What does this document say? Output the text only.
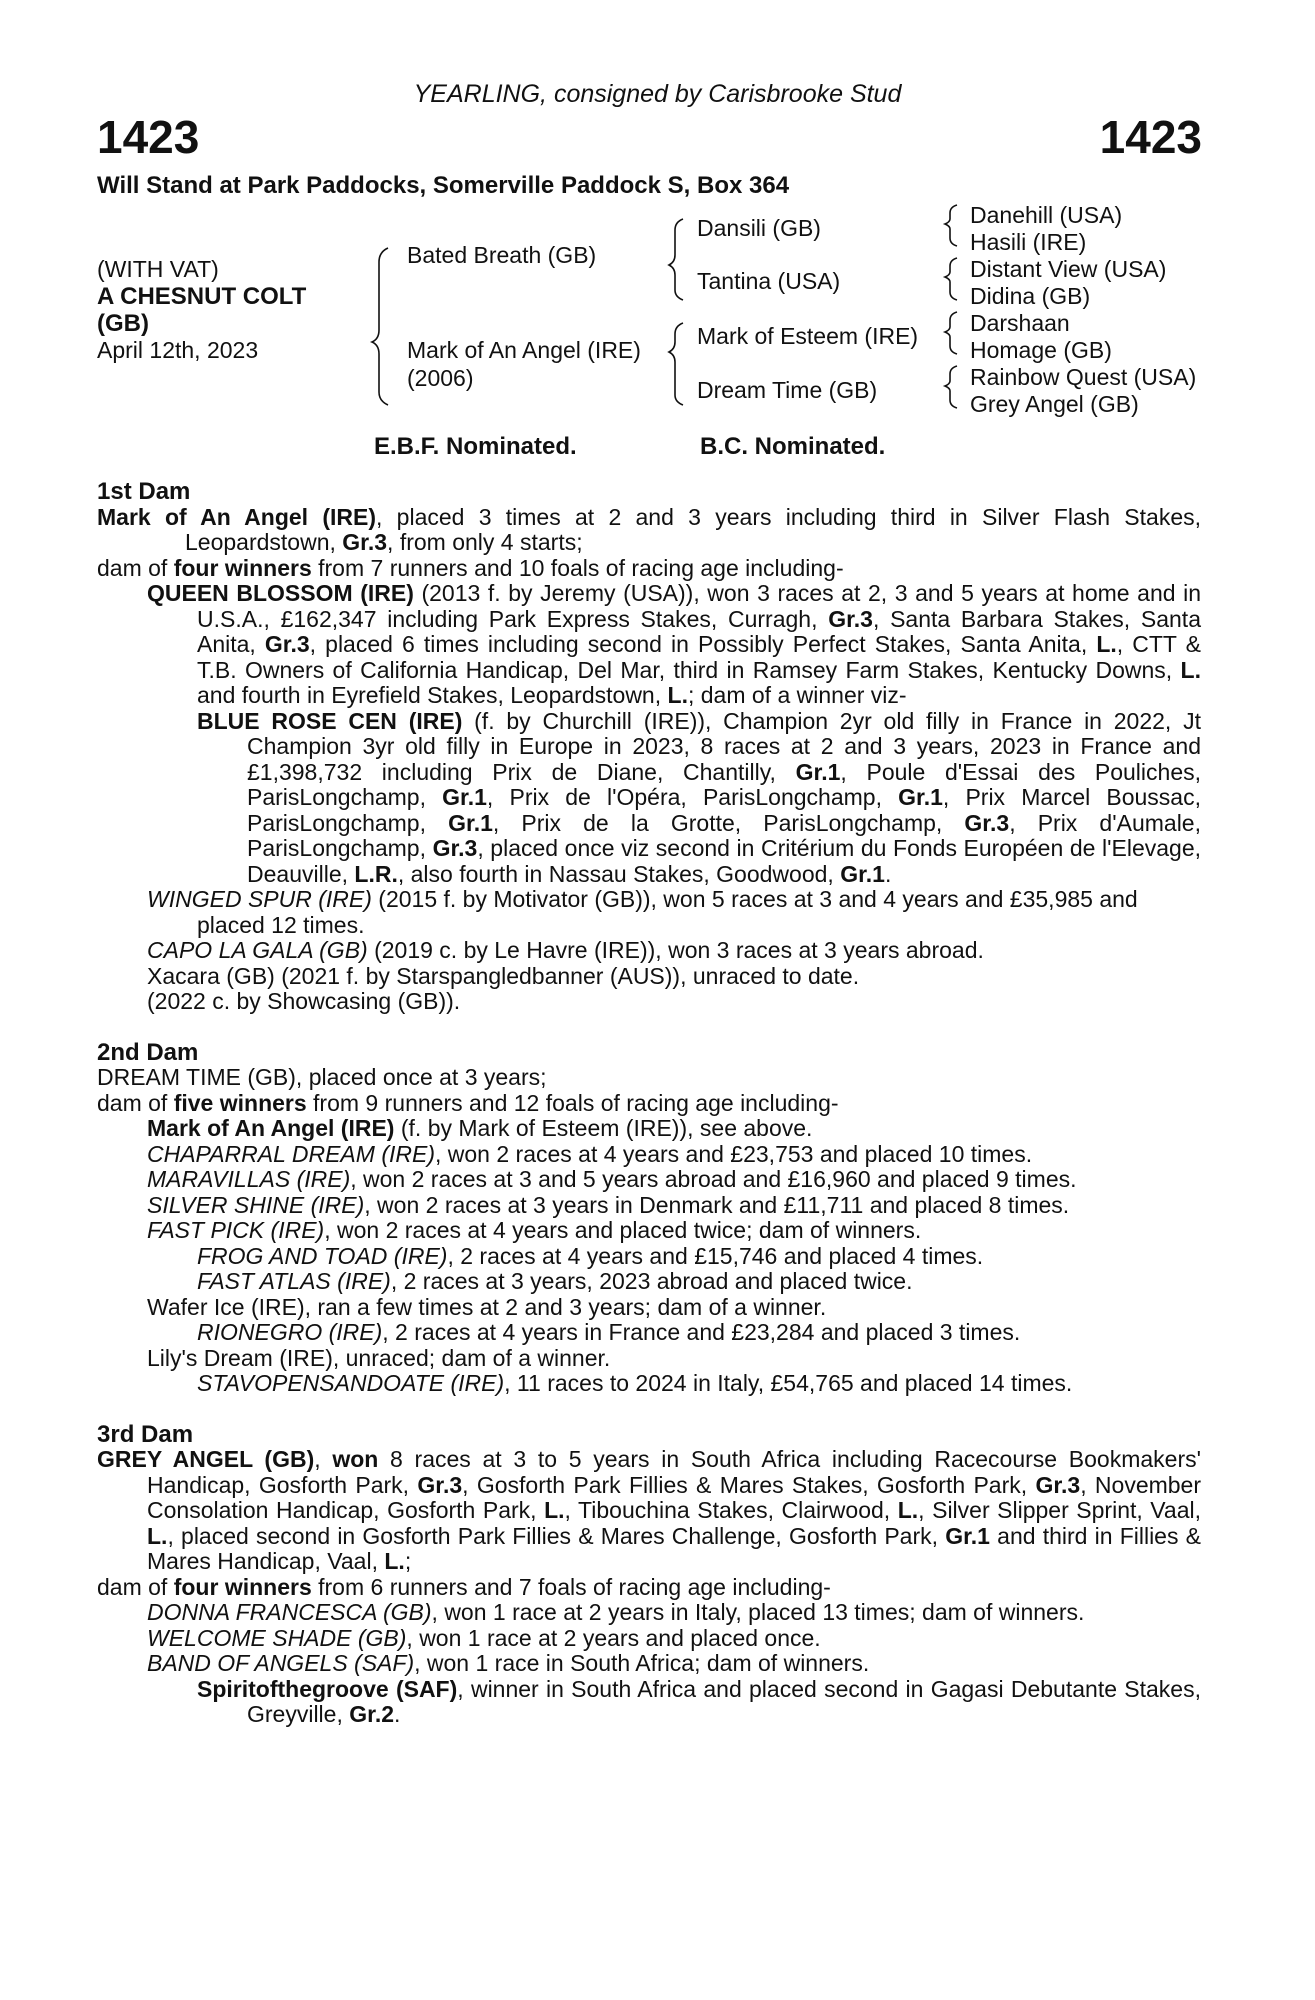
YEARLING, consigned by Carisbrooke Stud
1423	1423
Will Stand at Park Paddocks, Somerville Paddock S, Box 364
(WITH VAT)
A CHESNUT COLT
(GB)
April 12th, 2023
Bated Breath (GB)
Mark of An Angel (IRE)
(2006)
Dansili (GB)
Tantina (USA)
Mark of Esteem (IRE)
Dream Time (GB)
Danehill (USA)
Hasili (IRE)
Distant View (USA)
Didina (GB)
Darshaan
Homage (GB)
Rainbow Quest (USA)
Grey Angel (GB)
E.B.F. Nominated.	B.C. Nominated.

1st Dam

Mark of An Angel (IRE), placed 3 times at 2 and 3 years including third in Silver Flash Stakes, Leopardstown, Gr.3, from only 4 starts;

dam of four winners from 7 runners and 10 foals of racing age including-

QUEEN BLOSSOM (IRE) (2013 f. by Jeremy (USA)), won 3 races at 2, 3 and 5 years at home and in U.S.A., £162,347 including Park Express Stakes, Curragh, Gr.3, Santa Barbara Stakes, Santa Anita, Gr.3, placed 6 times including second in Possibly Perfect Stakes, Santa Anita, L., CTT & T.B. Owners of California Handicap, Del Mar, third in Ramsey Farm Stakes, Kentucky Downs, L. and fourth in Eyrefield Stakes, Leopardstown, L.; dam of a winner viz-

BLUE ROSE CEN (IRE) (f. by Churchill (IRE)), Champion 2yr old filly in France in 2022, Jt Champion 3yr old filly in Europe in 2023, 8 races at 2 and 3 years, 2023 in France and £1,398,732 including Prix de Diane, Chantilly, Gr.1, Poule d'Essai des Pouliches, ParisLongchamp, Gr.1, Prix de l'Opéra, ParisLongchamp, Gr.1, Prix Marcel Boussac, ParisLongchamp, Gr.1, Prix de la Grotte, ParisLongchamp, Gr.3, Prix d'Aumale, ParisLongchamp, Gr.3, placed once viz second in Critérium du Fonds Européen de l'Elevage, Deauville, L.R., also fourth in Nassau Stakes, Goodwood, Gr.1.

WINGED SPUR (IRE) (2015 f. by Motivator (GB)), won 5 races at 3 and 4 years and £35,985 and placed 12 times.

CAPO LA GALA (GB) (2019 c. by Le Havre (IRE)), won 3 races at 3 years abroad.

Xacara (GB) (2021 f. by Starspangledbanner (AUS)), unraced to date.

(2022 c. by Showcasing (GB)).

2nd Dam

DREAM TIME (GB), placed once at 3 years;

dam of five winners from 9 runners and 12 foals of racing age including-

Mark of An Angel (IRE) (f. by Mark of Esteem (IRE)), see above.

CHAPARRAL DREAM (IRE), won 2 races at 4 years and £23,753 and placed 10 times.

MARAVILLAS (IRE), won 2 races at 3 and 5 years abroad and £16,960 and placed 9 times.

SILVER SHINE (IRE), won 2 races at 3 years in Denmark and £11,711 and placed 8 times.

FAST PICK (IRE), won 2 races at 4 years and placed twice; dam of winners.

FROG AND TOAD (IRE), 2 races at 4 years and £15,746 and placed 4 times.

FAST ATLAS (IRE), 2 races at 3 years, 2023 abroad and placed twice.

Wafer Ice (IRE), ran a few times at 2 and 3 years; dam of a winner.

RIONEGRO (IRE), 2 races at 4 years in France and £23,284 and placed 3 times.

Lily's Dream (IRE), unraced; dam of a winner.

STAVOPENSANDOATE (IRE), 11 races to 2024 in Italy, £54,765 and placed 14 times.

3rd Dam

GREY ANGEL (GB), won 8 races at 3 to 5 years in South Africa including Racecourse Bookmakers' Handicap, Gosforth Park, Gr.3, Gosforth Park Fillies & Mares Stakes, Gosforth Park, Gr.3, November Consolation Handicap, Gosforth Park, L., Tibouchina Stakes, Clairwood, L., Silver Slipper Sprint, Vaal, L., placed second in Gosforth Park Fillies & Mares Challenge, Gosforth Park, Gr.1 and third in Fillies & Mares Handicap, Vaal, L.;

dam of four winners from 6 runners and 7 foals of racing age including-

DONNA FRANCESCA (GB), won 1 race at 2 years in Italy, placed 13 times; dam of winners.

WELCOME SHADE (GB), won 1 race at 2 years and placed once.

BAND OF ANGELS (SAF), won 1 race in South Africa; dam of winners.

Spiritofthegroove (SAF), winner in South Africa and placed second in Gagasi Debutante Stakes, Greyville, Gr.2.
